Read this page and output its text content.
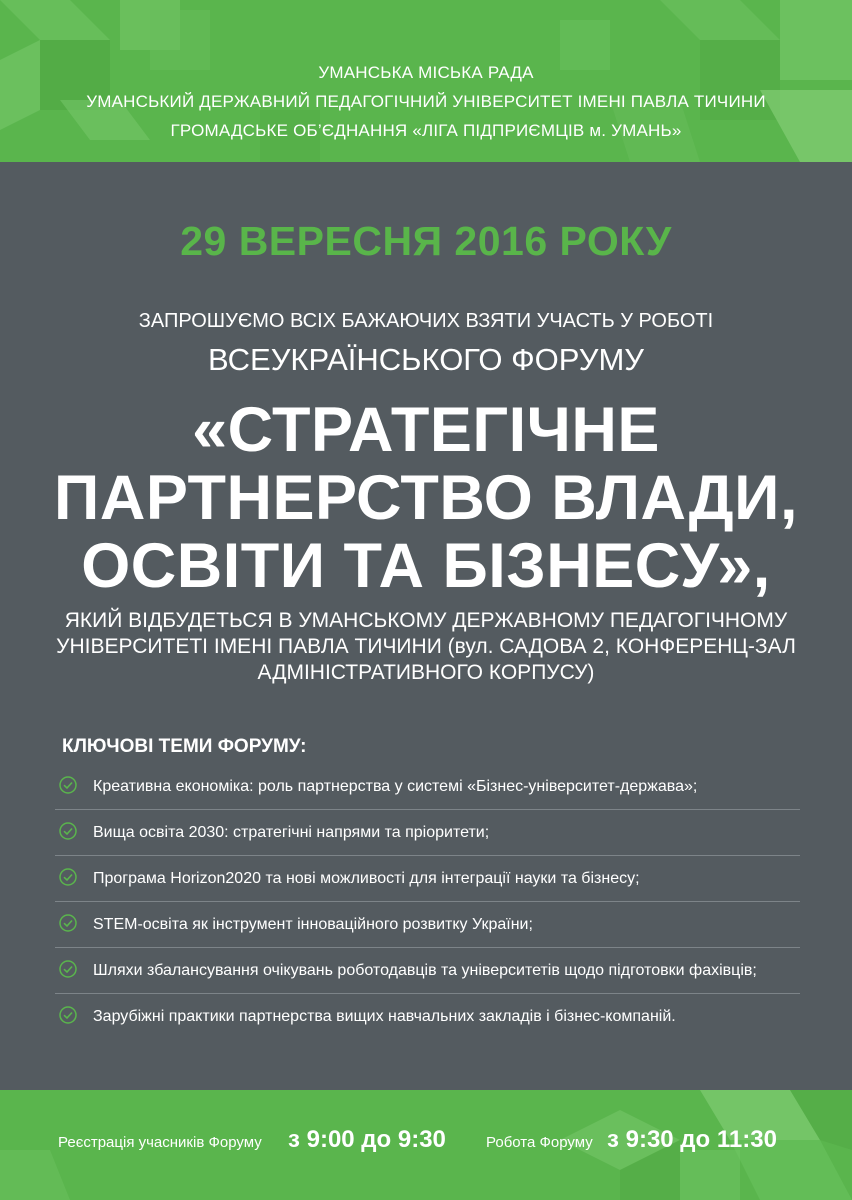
УМАНСЬКА МІСЬКА РАДА
УМАНСЬКИЙ ДЕРЖАВНИЙ ПЕДАГОГІЧНИЙ УНІВЕРСИТЕТ ІМЕНІ ПАВЛА ТИЧИНИ
ГРОМАДСЬКЕ ОБ’ЄДНАННЯ «ЛІГА ПІДПРИЄМЦІВ м. УМАНЬ»
29 ВЕРЕСНЯ 2016 РОКУ
ЗАПРОШУЄМО ВСІХ БАЖАЮЧИХ ВЗЯТИ УЧАСТЬ У РОБОТІ
ВСЕУКРАЇНСЬКОГО ФОРУМУ
«СТРАТЕГІЧНЕ
ПАРТНЕРСТВО ВЛАДИ,
ОСВІТИ ТА БІЗНЕСУ»,
ЯКИЙ ВІДБУДЕТЬСЯ В УМАНСЬКОМУ ДЕРЖАВНОМУ ПЕДАГОГІЧНОМУ
УНІВЕРСИТЕТІ ІМЕНІ ПАВЛА ТИЧИНИ (вул. САДОВА 2, КОНФЕРЕНЦ-ЗАЛ
АДМІНІСТРАТИВНОГО КОРПУСУ)
КЛЮЧОВІ ТЕМИ ФОРУМУ:
Креативна економіка: роль партнерства у системі «Бізнес-університет-держава»;
Вища освіта 2030: стратегічні напрями та пріоритети;
Програма Horizon2020 та нові можливості для інтеграції науки та бізнесу;
STEM-освіта як інструмент інноваційного розвитку України;
Шляхи збалансування очікувань роботодавців та університетів щодо підготовки фахівців;
Зарубіжні практики партнерства вищих навчальних закладів і бізнес-компаній.
Реєстрація учасників Форуму з 9:00 до 9:30	Робота Форуму з 9:30 до 11:30
